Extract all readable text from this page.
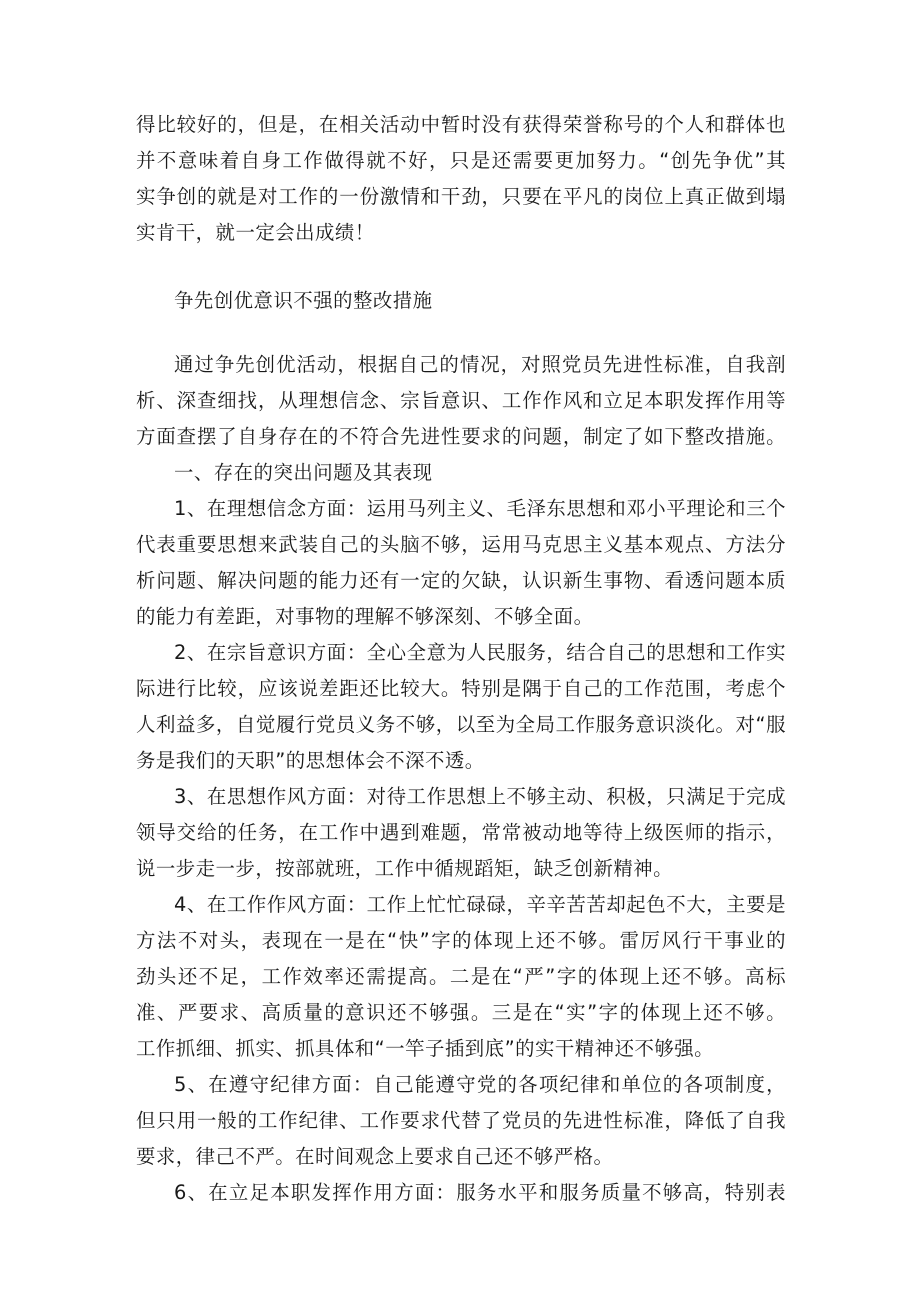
得比较好的，但是，在相关活动中暂时没有获得荣誉称号的个人和群体也
并不意味着自身工作做得就不好，只是还需要更加努力。“创先争优”其
实争创的就是对工作的一份激情和干劲，只要在平凡的岗位上真正做到塌
实肯干，就一定会出成绩！
争先创优意识不强的整改措施
通过争先创优活动，根据自己的情况，对照党员先进性标准，自我剖
析、深查细找，从理想信念、宗旨意识、工作作风和立足本职发挥作用等
方面查摆了自身存在的不符合先进性要求的问题，制定了如下整改措施。
一、存在的突出问题及其表现
1、在理想信念方面：运用马列主义、毛泽东思想和邓小平理论和三个
代表重要思想来武装自己的头脑不够，运用马克思主义基本观点、方法分
析问题、解决问题的能力还有一定的欠缺，认识新生事物、看透问题本质
的能力有差距，对事物的理解不够深刻、不够全面。
2、在宗旨意识方面：全心全意为人民服务，结合自己的思想和工作实
际进行比较，应该说差距还比较大。特别是隅于自己的工作范围，考虑个
人利益多，自觉履行党员义务不够，以至为全局工作服务意识淡化。对“服
务是我们的天职”的思想体会不深不透。
3、在思想作风方面：对待工作思想上不够主动、积极，只满足于完成
领导交给的任务，在工作中遇到难题，常常被动地等待上级医师的指示，
说一步走一步，按部就班，工作中循规蹈矩，缺乏创新精神。
4、在工作作风方面：工作上忙忙碌碌，辛辛苦苦却起色不大，主要是
方法不对头，表现在一是在“快”字的体现上还不够。雷厉风行干事业的
劲头还不足，工作效率还需提高。二是在“严”字的体现上还不够。高标
准、严要求、高质量的意识还不够强。三是在“实”字的体现上还不够。
工作抓细、抓实、抓具体和“一竿子插到底”的实干精神还不够强。
5、在遵守纪律方面：自己能遵守党的各项纪律和单位的各项制度，
但只用一般的工作纪律、工作要求代替了党员的先进性标准，降低了自我
要求，律己不严。在时间观念上要求自己还不够严格。
6、在立足本职发挥作用方面：服务水平和服务质量不够高，特别表
